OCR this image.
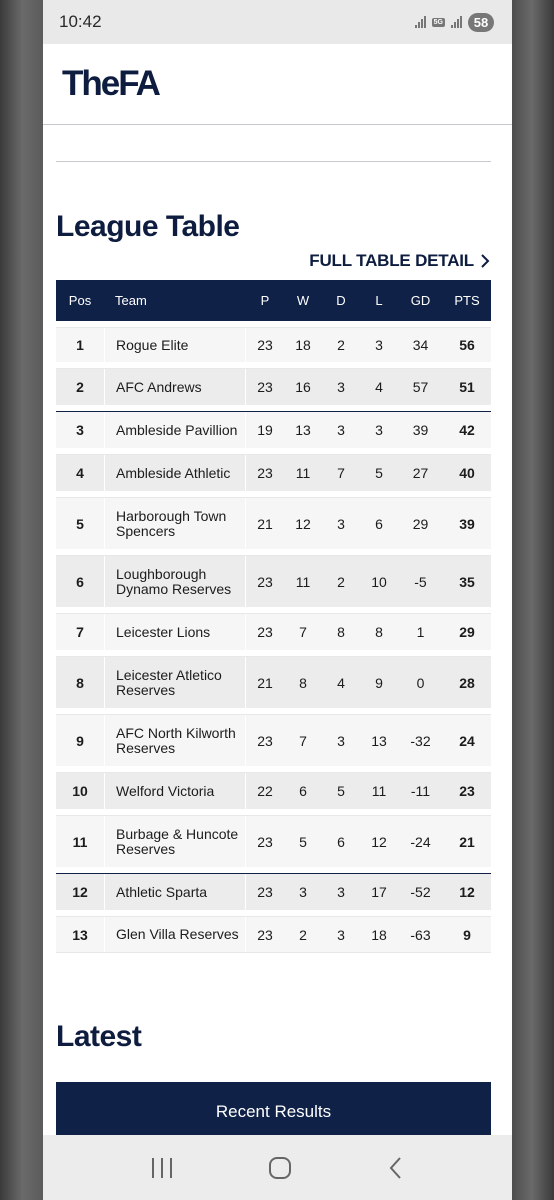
10:42	5G	58
TheFA
League Table
FULL TABLE DETAIL
Pos	Team	P	W	D	L	GD	PTS
1	Rogue Elite	23	18	2	3	34	56
2	AFC Andrews	23	16	3	4	57	51
3	Ambleside Pavillion	19	13	3	3	39	42
4	Ambleside Athletic	23	11	7	5	27	40
5	Harborough Town Spencers	21	12	3	6	29	39
6	Loughborough Dynamo Reserves	23	11	2	10	-5	35
7	Leicester Lions	23	7	8	8	1	29
8	Leicester Atletico Reserves	21	8	4	9	0	28
9	AFC North Kilworth Reserves	23	7	3	13	-32	24
10	Welford Victoria	22	6	5	11	-11	23
11	Burbage & Huncote Reserves	23	5	6	12	-24	21
12	Athletic Sparta	23	3	3	17	-52	12
13	Glen Villa Reserves	23	2	3	18	-63	9
Latest
Recent Results
